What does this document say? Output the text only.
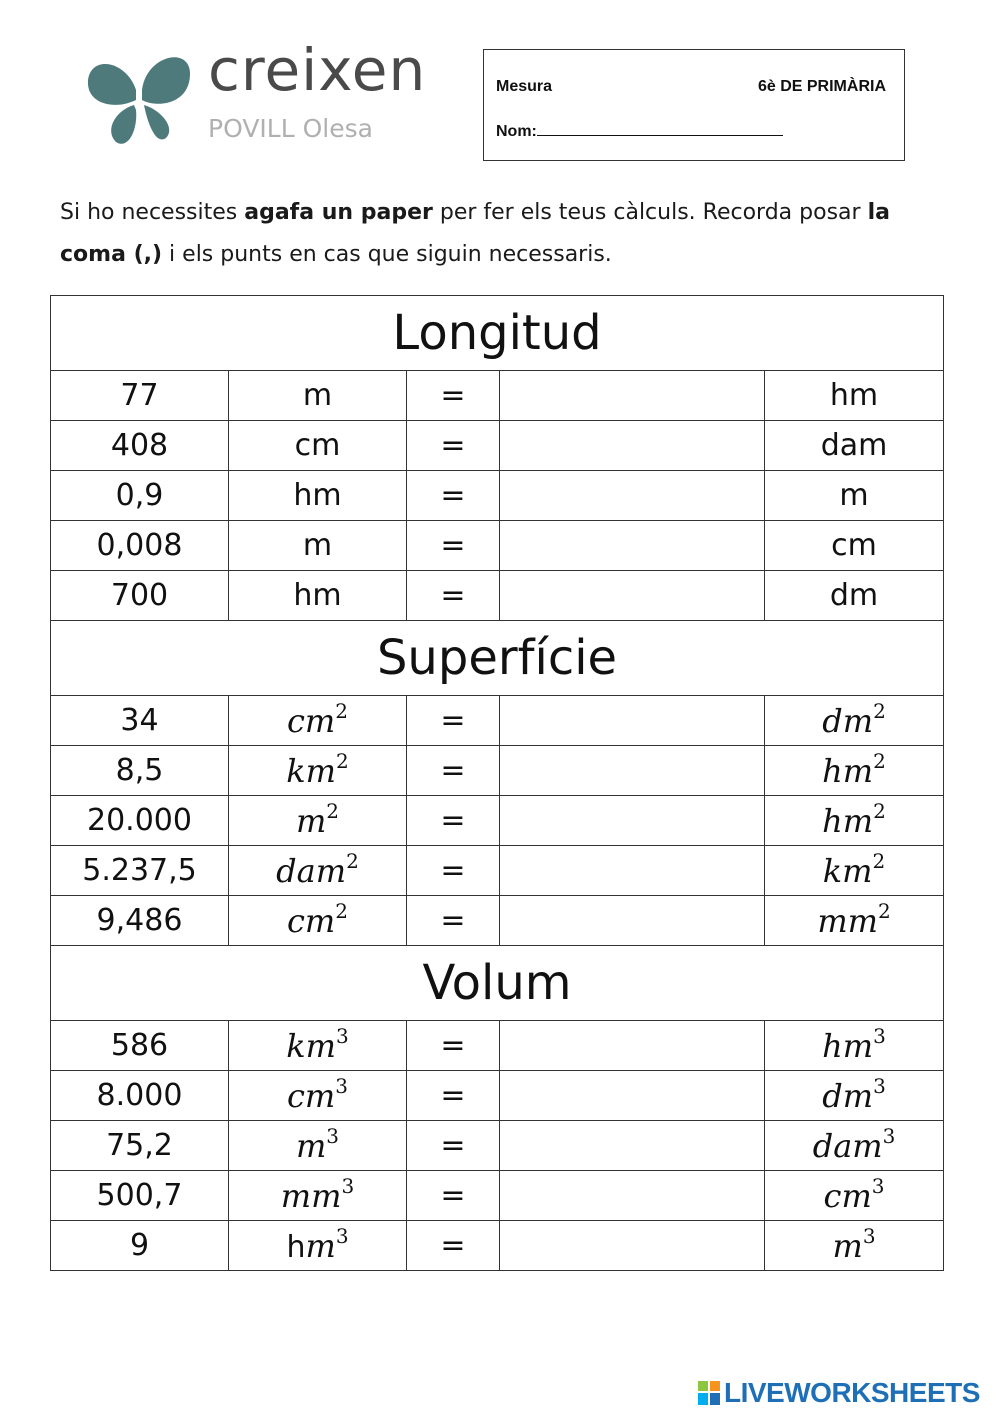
creixen
POVILL Olesa
Mesura	6è DE PRIMÀRIA
Nom:
Si ho necessites agafa un paper per fer els teus càlculs. Recorda posar la coma (,) i els punts en cas que siguin necessaris.
Longitud				
77	m	=		hm
408	cm	=		dam
0,9	hm	=		m
0,008	m	=		cm
700	hm	=		dm
Superfície				
34	$cm^2$	=		$dm^2$
8,5	$km^2$	=		$hm^2$
20.000	$m^2$	=		$hm^2$
5.237,5	dam$^2$	=		$km^2$
9,486	$cm^2$	=		$mm^2$
Volum				
586	$km^3$	=		$hm^3$
8.000	$cm^3$	=		$dm^3$
75,2	$m^3$	=		dam$^3$
500,7	$mm^3$	=		$cm^3$
9	$hm^3$	=		$m^3$
LIVEWORKSHEETS
